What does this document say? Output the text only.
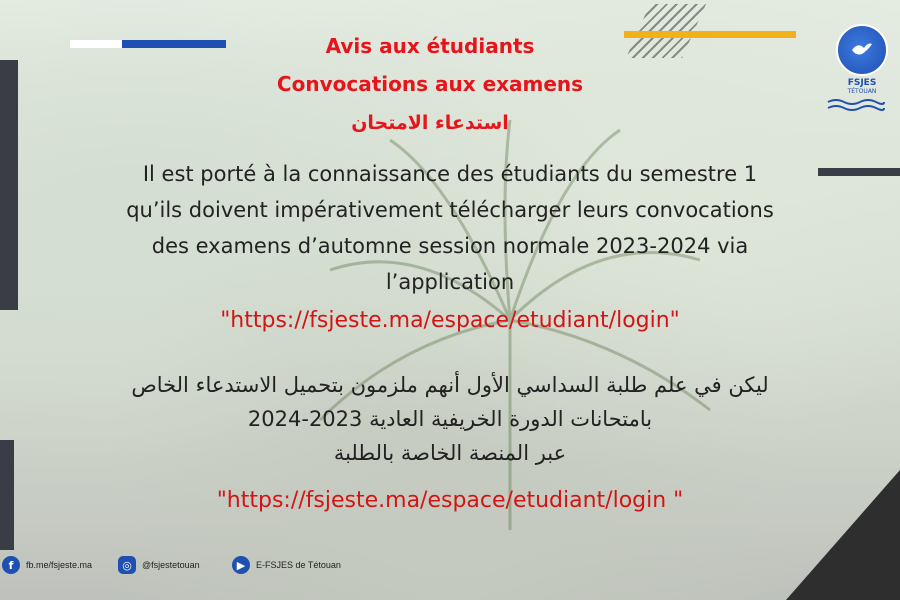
FSJES
TÉTOUAN
Avis aux étudiants
Convocations aux examens
استدعاء الامتحان
Il est porté à la connaissance des étudiants du semestre 1
qu’ils doivent impérativement télécharger leurs convocations
des examens d’automne session normale 2023-2024 via
l’application
"https://fsjeste.ma/espace/etudiant/login"
ليكن في علم طلبة السداسي الأول أنهم ملزمون بتحميل الاستدعاء الخاص
بامتحانات الدورة الخريفية العادية 2023-2024
عبر المنصة الخاصة بالطلبة
"https://fsjeste.ma/espace/etudiant/login "
f	fb.me/fsjeste.ma	◎	@fsjestetouan	▶	E-FSJES de Tétouan
